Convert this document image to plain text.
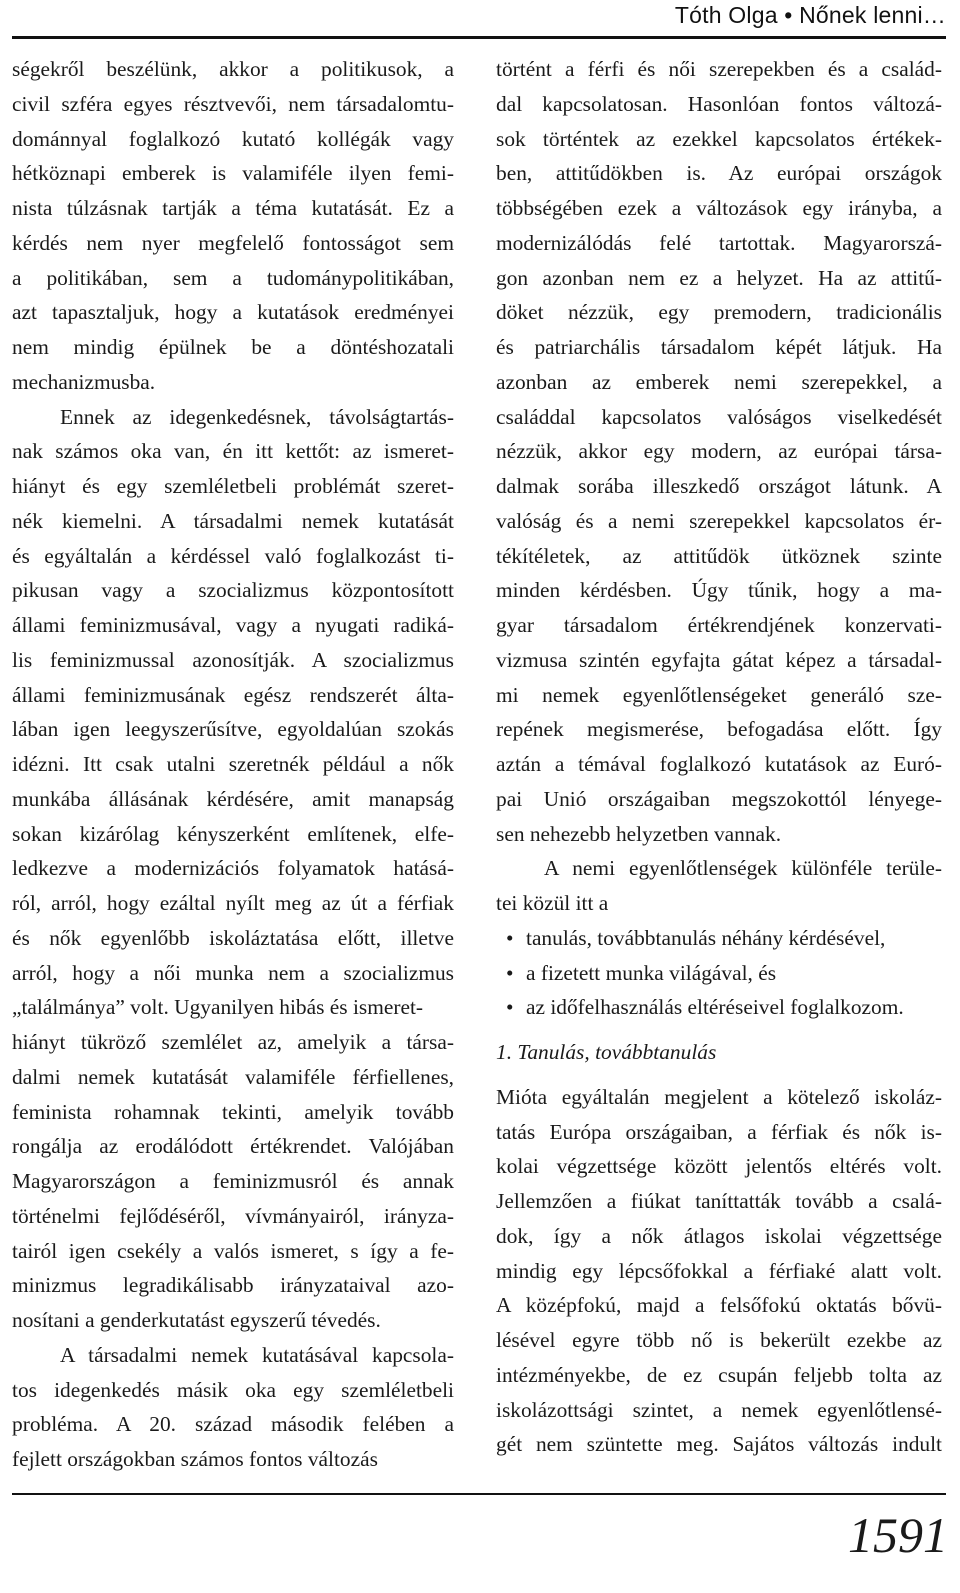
Tóth Olga • Nőnek lenni…
ségekről beszélünk, akkor a politikusok, a
civil szféra egyes résztvevői, nem társadalomtu-
dománnyal foglalkozó kutató kollégák vagy
hétköznapi emberek is valamiféle ilyen femi-
nista túlzásnak tartják a téma kutatását. Ez a
kérdés nem nyer megfelelő fontosságot sem
a politikában, sem a tudománypolitikában,
azt tapasztaljuk, hogy a kutatások eredményei
nem mindig épülnek be a döntéshozatali
mechanizmusba.
Ennek az idegenkedésnek, távolságtartás-
nak számos oka van, én itt kettőt: az ismeret-
hiányt és egy szemléletbeli problémát szeret-
nék kiemelni. A társadalmi nemek kutatását
és egyáltalán a kérdéssel való foglalkozást ti-
pikusan vagy a szocializmus központosított
állami feminizmusával, vagy a nyugati radiká-
lis feminizmussal azonosítják. A szocializmus
állami feminizmusának egész rendszerét álta-
lában igen leegyszerűsítve, egyoldalúan szokás
idézni. Itt csak utalni szeretnék például a nők
munkába állásának kérdésére, amit manapság
sokan kizárólag kényszerként említenek, elfe-
ledkezve a modernizációs folyamatok hatásá-
ról, arról, hogy ezáltal nyílt meg az út a férfiak
és nők egyenlőbb iskoláztatása előtt, illetve
arról, hogy a női munka nem a szocializmus
„találmánya” volt. Ugyanilyen hibás és ismeret-
hiányt tükröző szemlélet az, amelyik a társa-
dalmi nemek kutatását valamiféle férfiellenes,
feminista rohamnak tekinti, amelyik tovább
rongálja az erodálódott értékrendet. Valójában
Magyarországon a feminizmusról és annak
történelmi fejlődéséről, vívmányairól, irányza-
tairól igen csekély a valós ismeret, s így a fe-
minizmus legradikálisabb irányzataival azo-
nosítani a genderkutatást egyszerű tévedés.
A társadalmi nemek kutatásával kapcsola-
tos idegenkedés másik oka egy szemléletbeli
probléma. A 20. század második felében a
fejlett országokban számos fontos változás
történt a férfi és női szerepekben és a család-
dal kapcsolatosan. Hasonlóan fontos változá-
sok történtek az ezekkel kapcsolatos értékek-
ben, attitűdökben is. Az európai országok
többségében ezek a változások egy irányba, a
modernizálódás felé tartottak. Magyarorszá-
gon azonban nem ez a helyzet. Ha az attitű-
döket nézzük, egy premodern, tradicionális
és patriarchális társadalom képét látjuk. Ha
azonban az emberek nemi szerepekkel, a
családdal kapcsolatos valóságos viselkedését
nézzük, akkor egy modern, az európai társa-
dalmak sorába illeszkedő országot látunk. A
valóság és a nemi szerepekkel kapcsolatos ér-
tékítéletek, az attitűdök ütköznek szinte
minden kérdésben. Úgy tűnik, hogy a ma-
gyar társadalom értékrendjének konzervati-
vizmusa szintén egyfajta gátat képez a társadal-
mi nemek egyenlőtlenségeket generáló sze-
repének megismerése, befogadása előtt. Így
aztán a témával foglalkozó kutatások az Euró-
pai Unió országaiban megszokottól lényege-
sen nehezebb helyzetben vannak.
A nemi egyenlőtlenségek különféle terüle-
tei közül itt a
• tanulás, továbbtanulás néhány kérdésével,
• a fizetett munka világával, és
• az időfelhasználás eltéréseivel foglalkozom.
1. Tanulás, továbbtanulás
Mióta egyáltalán megjelent a kötelező iskoláz-
tatás Európa országaiban, a férfiak és nők is-
kolai végzettsége között jelentős eltérés volt.
Jellemzően a fiúkat taníttatták tovább a csalá-
dok, így a nők átlagos iskolai végzettsége
mindig egy lépcsőfokkal a férfiaké alatt volt.
A középfokú, majd a felsőfokú oktatás bővü-
lésével egyre több nő is bekerült ezekbe az
intézményekbe, de ez csupán feljebb tolta az
iskolázottsági szintet, a nemek egyenlőtlensé-
gét nem szüntette meg. Sajátos változás indult
1591
